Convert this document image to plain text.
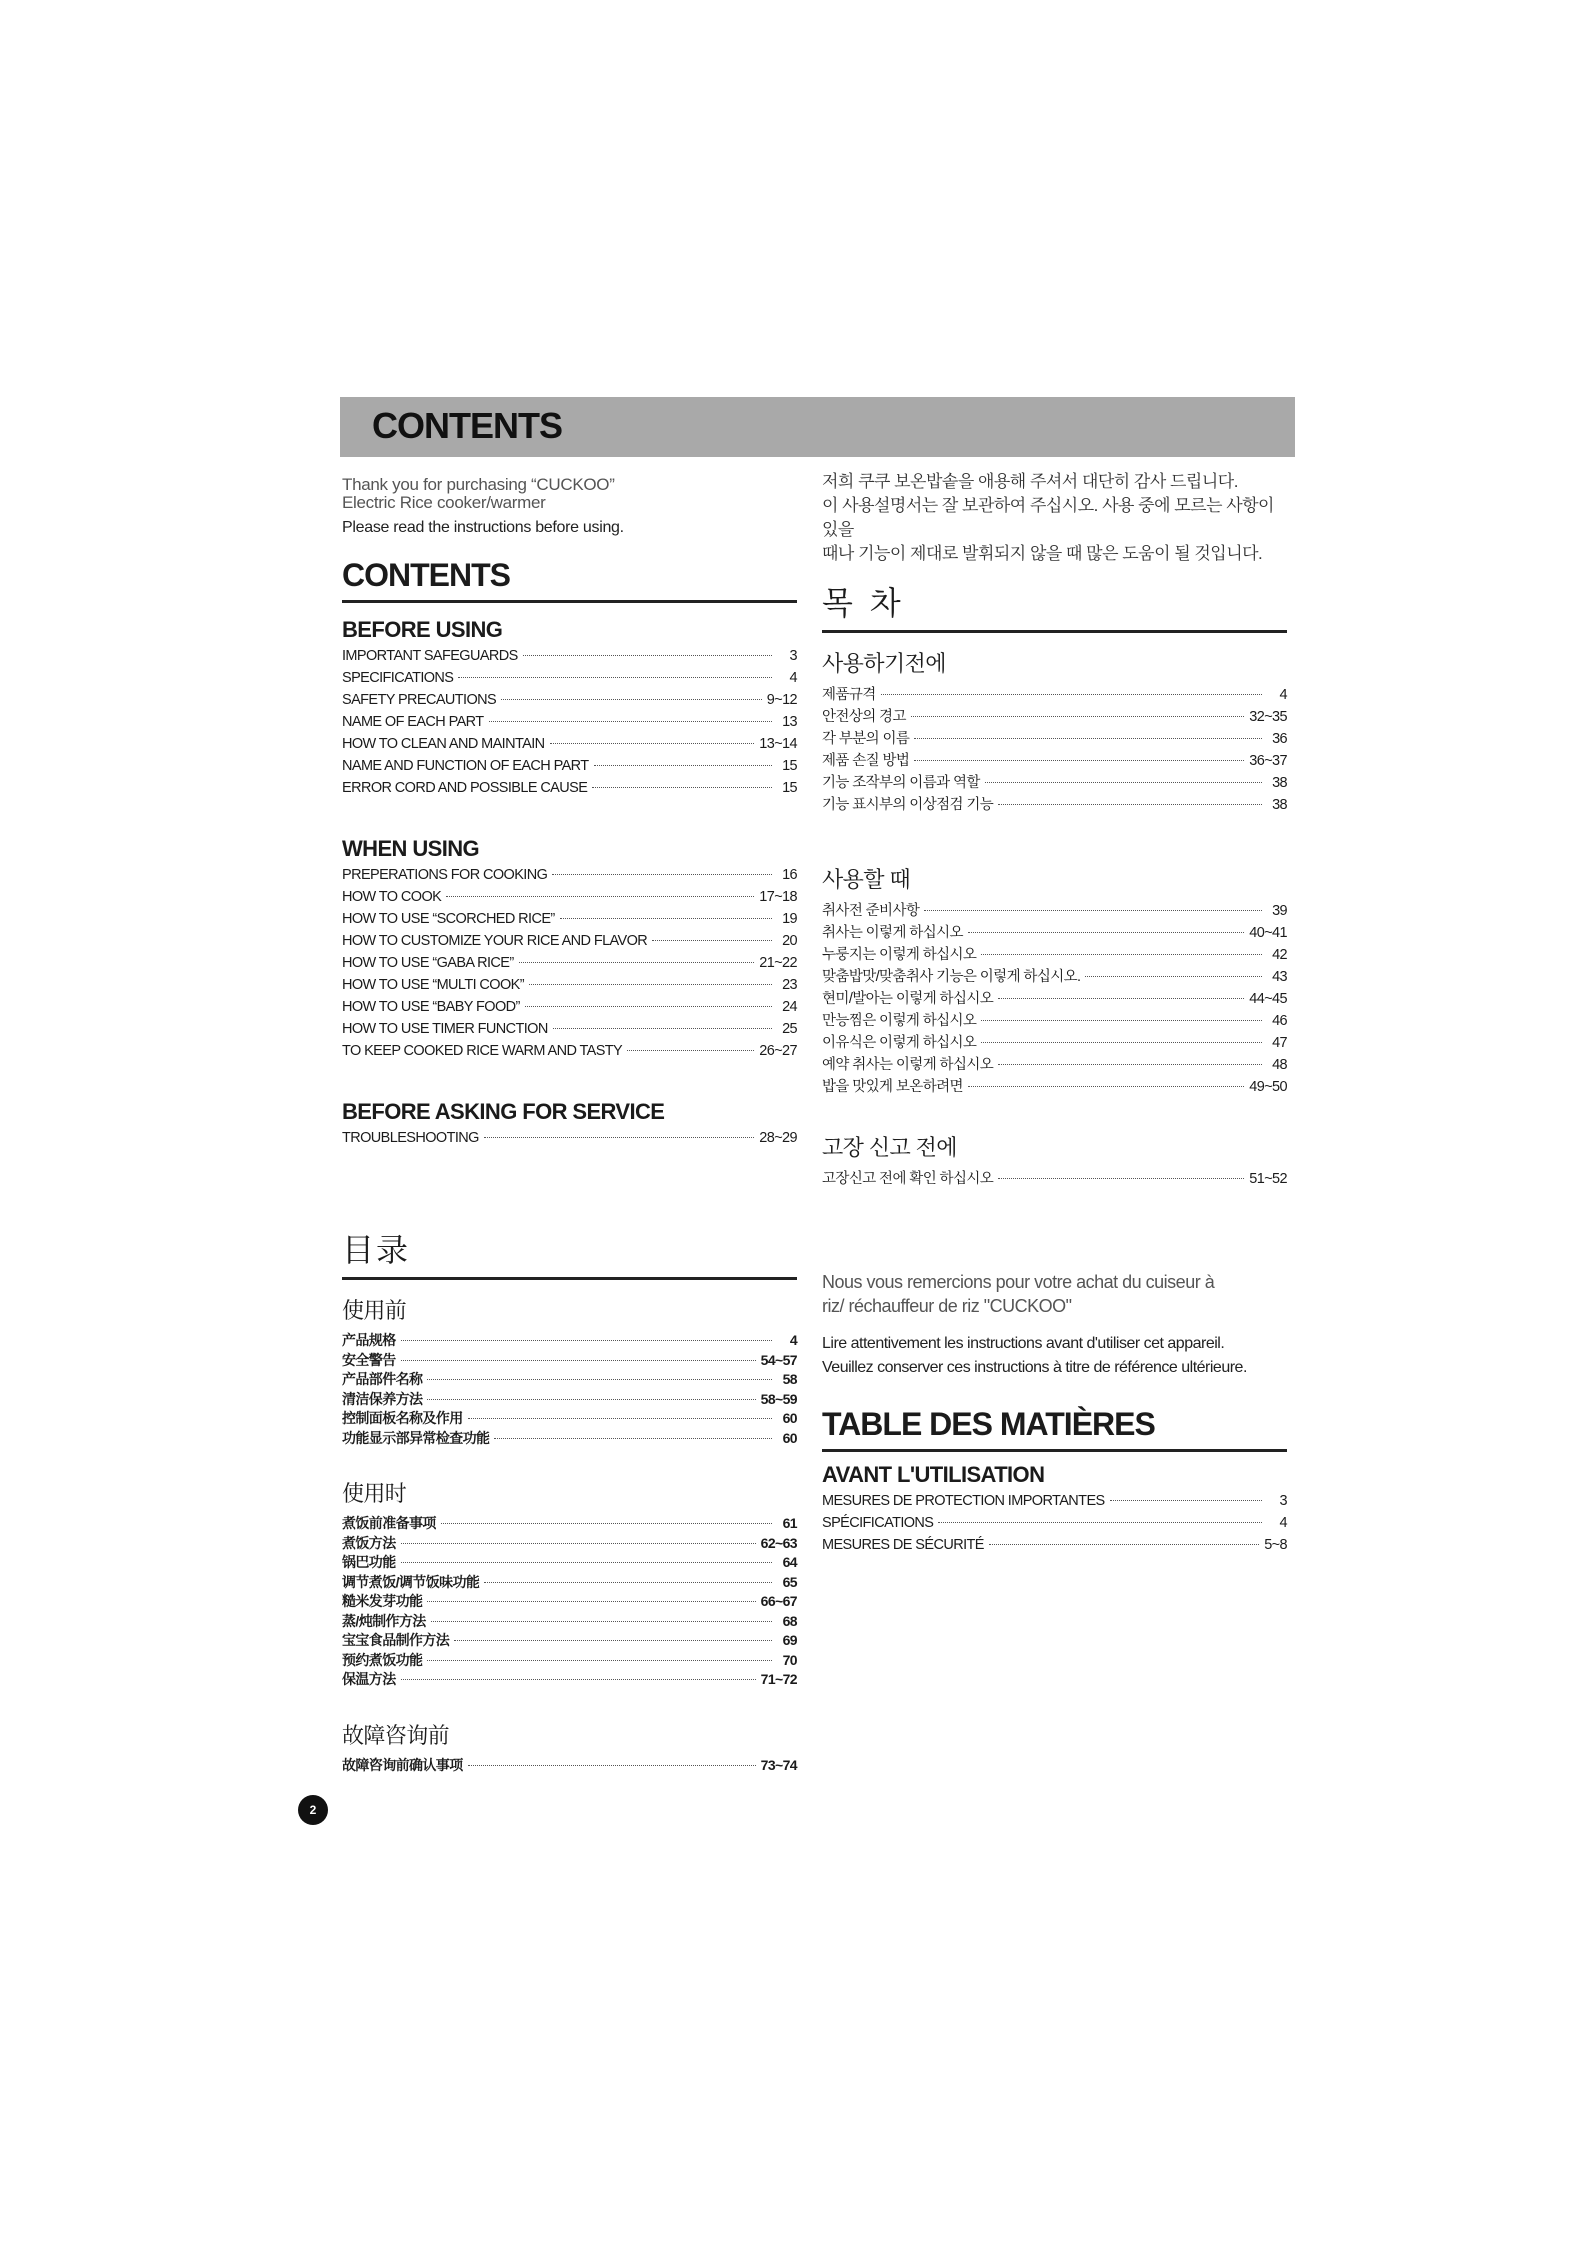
CONTENTS
Thank you for purchasing “CUCKOO”
Electric Rice cooker/warmer
Please read the instructions before using.
CONTENTS
BEFORE USING
IMPORTANT SAFEGUARDS	3
SPECIFICATIONS	4
SAFETY PRECAUTIONS	9~12
NAME OF EACH PART	13
HOW TO CLEAN AND MAINTAIN	13~14
NAME AND FUNCTION OF EACH PART	15
ERROR CORD AND POSSIBLE CAUSE	15
WHEN USING
PREPERATIONS FOR COOKING	16
HOW TO COOK	17~18
HOW TO USE “SCORCHED RICE”	19
HOW TO CUSTOMIZE YOUR RICE AND FLAVOR	20
HOW TO USE “GABA RICE”	21~22
HOW TO USE “MULTI COOK”	23
HOW TO USE “BABY FOOD”	24
HOW TO USE TIMER FUNCTION	25
TO KEEP COOKED RICE WARM AND TASTY	26~27
BEFORE ASKING FOR SERVICE
TROUBLESHOOTING	28~29
저희 쿠쿠 보온밥솥을 애용해 주셔서 대단히 감사 드립니다.
이 사용설명서는 잘 보관하여 주십시오. 사용 중에 모르는 사항이 있을
때나 기능이 제대로 발휘되지 않을 때 많은 도움이 될 것입니다.
목 차
사용하기전에
제품규격	4
안전상의 경고	32~35
각 부분의 이름	36
제품 손질 방법	36~37
기능 조작부의 이름과 역할	38
기능 표시부의 이상점검 기능	38
사용할 때
취사전 준비사항	39
취사는 이렇게 하십시오	40~41
누룽지는 이렇게 하십시오	42
맞춤밥맛/맞춤취사 기능은 이렇게 하십시오.	43
현미/발아는 이렇게 하십시오	44~45
만능찜은 이렇게 하십시오	46
이유식은 이렇게 하십시오	47
예약 취사는 이렇게 하십시오	48
밥을 맛있게 보온하려면	49~50
고장 신고 전에
고장신고 전에 확인 하십시오	51~52
目录
使用前
产品规格	4
安全警告	54~57
产品部件名称	58
清洁保养方法	58~59
控制面板名称及作用	60
功能显示部异常检查功能	60
使用时
煮饭前准备事项	61
煮饭方法	62~63
锅巴功能	64
调节煮饭/调节饭味功能	65
糙米发芽功能	66~67
蒸/炖制作方法	68
宝宝食品制作方法	69
预约煮饭功能	70
保温方法	71~72
故障咨询前
故障咨询前确认事项	73~74
Nous vous remercions pour votre achat du cuiseur à
riz/ réchauffeur de riz "CUCKOO"
Lire attentivement les instructions avant d'utiliser cet appareil.
Veuillez conserver ces instructions à titre de référence ultérieure.
TABLE DES MATIÈRES
AVANT L'UTILISATION
MESURES DE PROTECTION IMPORTANTES	3
SPÉCIFICATIONS	4
MESURES DE SÉCURITÉ	5~8
2
